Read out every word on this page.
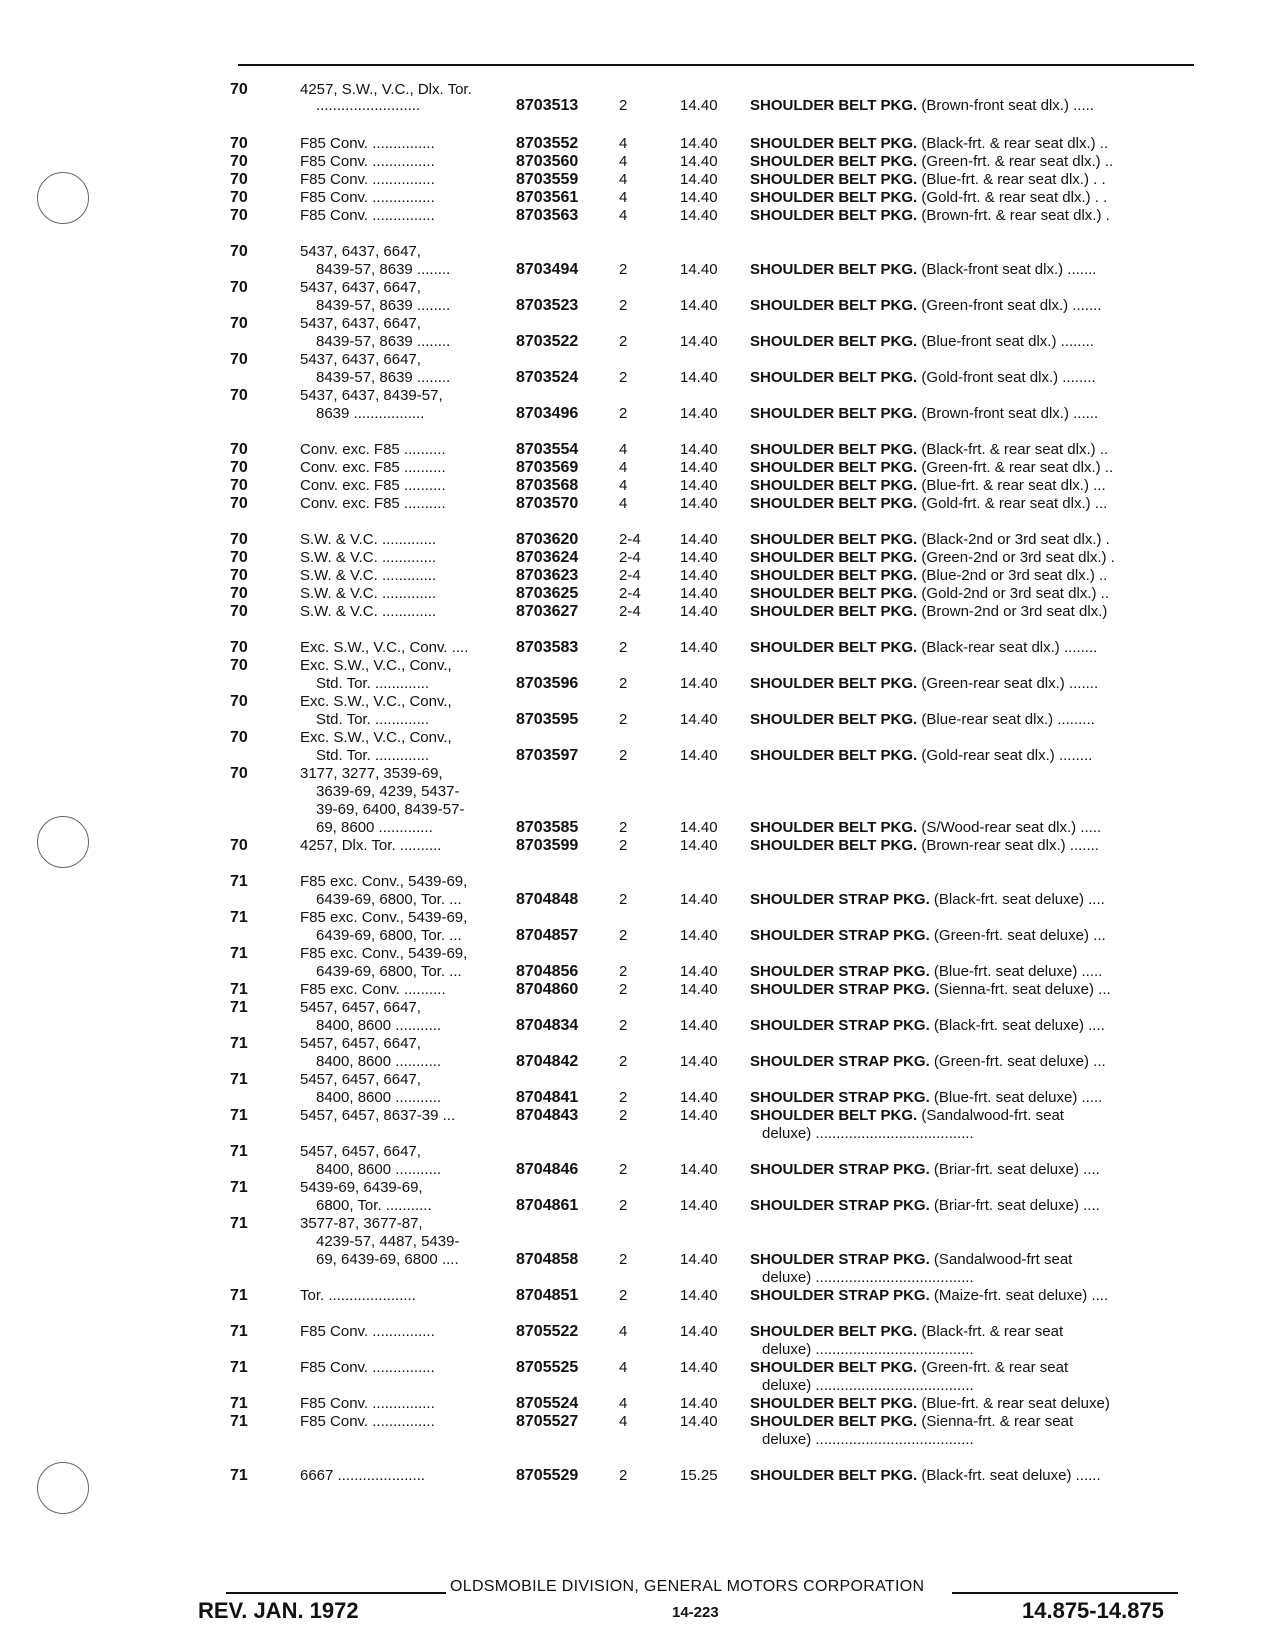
70	4257, S.W., V.C., Dlx. Tor.
.........................	8703513	2	14.40 SHOULDER BELT PKG. (Brown-front seat dlx.) .....
70	F85 Conv. ...............	8703552	4	14.40 SHOULDER BELT PKG. (Black-frt. & rear seat dlx.) ..
70	F85 Conv. ...............	8703560	4	14.40 SHOULDER BELT PKG. (Green-frt. & rear seat dlx.) ..
70	F85 Conv. ...............	8703559	4	14.40 SHOULDER BELT PKG. (Blue-frt. & rear seat dlx.) . .
70	F85 Conv. ...............	8703561	4	14.40 SHOULDER BELT PKG. (Gold-frt. & rear seat dlx.) . .
70	F85 Conv. ...............	8703563	4	14.40 SHOULDER BELT PKG. (Brown-frt. & rear seat dlx.) .
70	5437, 6437, 6647,
8439-57, 8639 ........	8703494	2	14.40 SHOULDER BELT PKG. (Black-front seat dlx.) .......
70	5437, 6437, 6647,
8439-57, 8639 ........	8703523	2	14.40 SHOULDER BELT PKG. (Green-front seat dlx.) .......
70	5437, 6437, 6647,
8439-57, 8639 ........	8703522	2	14.40 SHOULDER BELT PKG. (Blue-front seat dlx.) ........
70	5437, 6437, 6647,
8439-57, 8639 ........	8703524	2	14.40 SHOULDER BELT PKG. (Gold-front seat dlx.) ........
70	5437, 6437, 8439-57,
8639 .................	8703496	2	14.40 SHOULDER BELT PKG. (Brown-front seat dlx.) ......
70	Conv. exc. F85 ..........	8703554	4	14.40 SHOULDER BELT PKG. (Black-frt. & rear seat dlx.) ..
70	Conv. exc. F85 ..........	8703569	4	14.40 SHOULDER BELT PKG. (Green-frt. & rear seat dlx.) ..
70	Conv. exc. F85 ..........	8703568	4	14.40 SHOULDER BELT PKG. (Blue-frt. & rear seat dlx.) ...
70	Conv. exc. F85 ..........	8703570	4	14.40 SHOULDER BELT PKG. (Gold-frt. & rear seat dlx.) ...
70	S.W. & V.C. .............	8703620	2-4	14.40 SHOULDER BELT PKG. (Black-2nd or 3rd seat dlx.) .
70	S.W. & V.C. .............	8703624	2-4	14.40 SHOULDER BELT PKG. (Green-2nd or 3rd seat dlx.) .
70	S.W. & V.C. .............	8703623	2-4	14.40 SHOULDER BELT PKG. (Blue-2nd or 3rd seat dlx.) ..
70	S.W. & V.C. .............	8703625	2-4	14.40 SHOULDER BELT PKG. (Gold-2nd or 3rd seat dlx.) ..
70	S.W. & V.C. .............	8703627	2-4	14.40 SHOULDER BELT PKG. (Brown-2nd or 3rd seat dlx.)
70	Exc. S.W., V.C., Conv. ....	8703583	2	14.40 SHOULDER BELT PKG. (Black-rear seat dlx.) ........
70	Exc. S.W., V.C., Conv.,
Std. Tor. .............	8703596	2	14.40 SHOULDER BELT PKG. (Green-rear seat dlx.) .......
70	Exc. S.W., V.C., Conv.,
Std. Tor. .............	8703595	2	14.40 SHOULDER BELT PKG. (Blue-rear seat dlx.) .........
70	Exc. S.W., V.C., Conv.,
Std. Tor. .............	8703597	2	14.40 SHOULDER BELT PKG. (Gold-rear seat dlx.) ........
70	3177, 3277, 3539-69,
3639-69, 4239, 5437-
39-69, 6400, 8439-57-
69, 8600 .............	8703585	2	14.40 SHOULDER BELT PKG. (S/Wood-rear seat dlx.) .....
70	4257, Dlx. Tor. ..........	8703599	2	14.40 SHOULDER BELT PKG. (Brown-rear seat dlx.) .......
71	F85 exc. Conv., 5439-69,
6439-69, 6800, Tor. ...	8704848	2	14.40 SHOULDER STRAP PKG. (Black-frt. seat deluxe) ....
71	F85 exc. Conv., 5439-69,
6439-69, 6800, Tor. ...	8704857	2	14.40 SHOULDER STRAP PKG. (Green-frt. seat deluxe) ...
71	F85 exc. Conv., 5439-69,
6439-69, 6800, Tor. ...	8704856	2	14.40 SHOULDER STRAP PKG. (Blue-frt. seat deluxe) .....
71	F85 exc. Conv. ..........	8704860	2	14.40 SHOULDER STRAP PKG. (Sienna-frt. seat deluxe) ...
71	5457, 6457, 6647,
8400, 8600 ...........	8704834	2	14.40 SHOULDER STRAP PKG. (Black-frt. seat deluxe) ....
71	5457, 6457, 6647,
8400, 8600 ...........	8704842	2	14.40 SHOULDER STRAP PKG. (Green-frt. seat deluxe) ...
71	5457, 6457, 6647,
8400, 8600 ...........	8704841	2	14.40 SHOULDER STRAP PKG. (Blue-frt. seat deluxe) .....
71	5457, 6457, 8637-39 ...	8704843	2	14.40 SHOULDER BELT PKG. (Sandalwood-frt. seat
deluxe) ......................................
71	5457, 6457, 6647,
8400, 8600 ...........	8704846	2	14.40 SHOULDER STRAP PKG. (Briar-frt. seat deluxe) ....
71	5439-69, 6439-69,
6800, Tor. ...........	8704861	2	14.40 SHOULDER STRAP PKG. (Briar-frt. seat deluxe) ....
71	3577-87, 3677-87,
4239-57, 4487, 5439-
69, 6439-69, 6800 ....	8704858	2	14.40 SHOULDER STRAP PKG. (Sandalwood-frt seat
deluxe) ......................................
71	Tor. .....................	8704851	2	14.40 SHOULDER STRAP PKG. (Maize-frt. seat deluxe) ....
71	F85 Conv. ...............	8705522	4	14.40 SHOULDER BELT PKG. (Black-frt. & rear seat
deluxe) ......................................
71	F85 Conv. ...............	8705525	4	14.40 SHOULDER BELT PKG. (Green-frt. & rear seat
deluxe) ......................................
71	F85 Conv. ...............	8705524	4	14.40 SHOULDER BELT PKG. (Blue-frt. & rear seat deluxe)
71	F85 Conv. ...............	8705527	4	14.40 SHOULDER BELT PKG. (Sienna-frt. & rear seat
deluxe) ......................................
71	6667 .....................	8705529	2	15.25 SHOULDER BELT PKG. (Black-frt. seat deluxe) ......
OLDSMOBILE DIVISION, GENERAL MOTORS CORPORATION
REV. JAN. 1972	14-223	14.875-14.875
